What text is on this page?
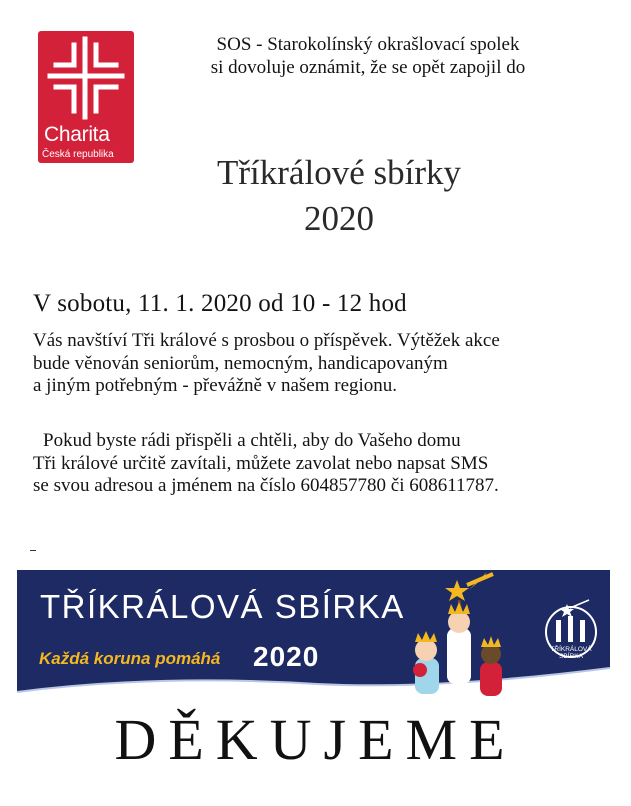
Charita
Česká republika
SOS - Starokolínský okrašlovací spolek
si dovoluje oznámit, že se opět zapojil do
Tříkrálové sbírky
2020
V sobotu, 11. 1. 2020 od 10 - 12 hod
Vás navštíví Tři králové s prosbou o příspěvek. Výtěžek akce
bude věnován seniorům, nemocným, handicapovaným
a jiným potřebným - převážně v našem regionu.
Pokud byste rádi přispěli a chtěli, aby do Vašeho domu
Tři králové určitě zavítali, můžete zavolat nebo napsat SMS
se svou adresou a jménem na číslo 604857780 či 608611787.
TŘÍKRÁLOVÁ SBÍRKA
Každá koruna pomáhá 2020	TŘÍKRÁLOVÁ
SBÍRKA
DĚKUJEME
